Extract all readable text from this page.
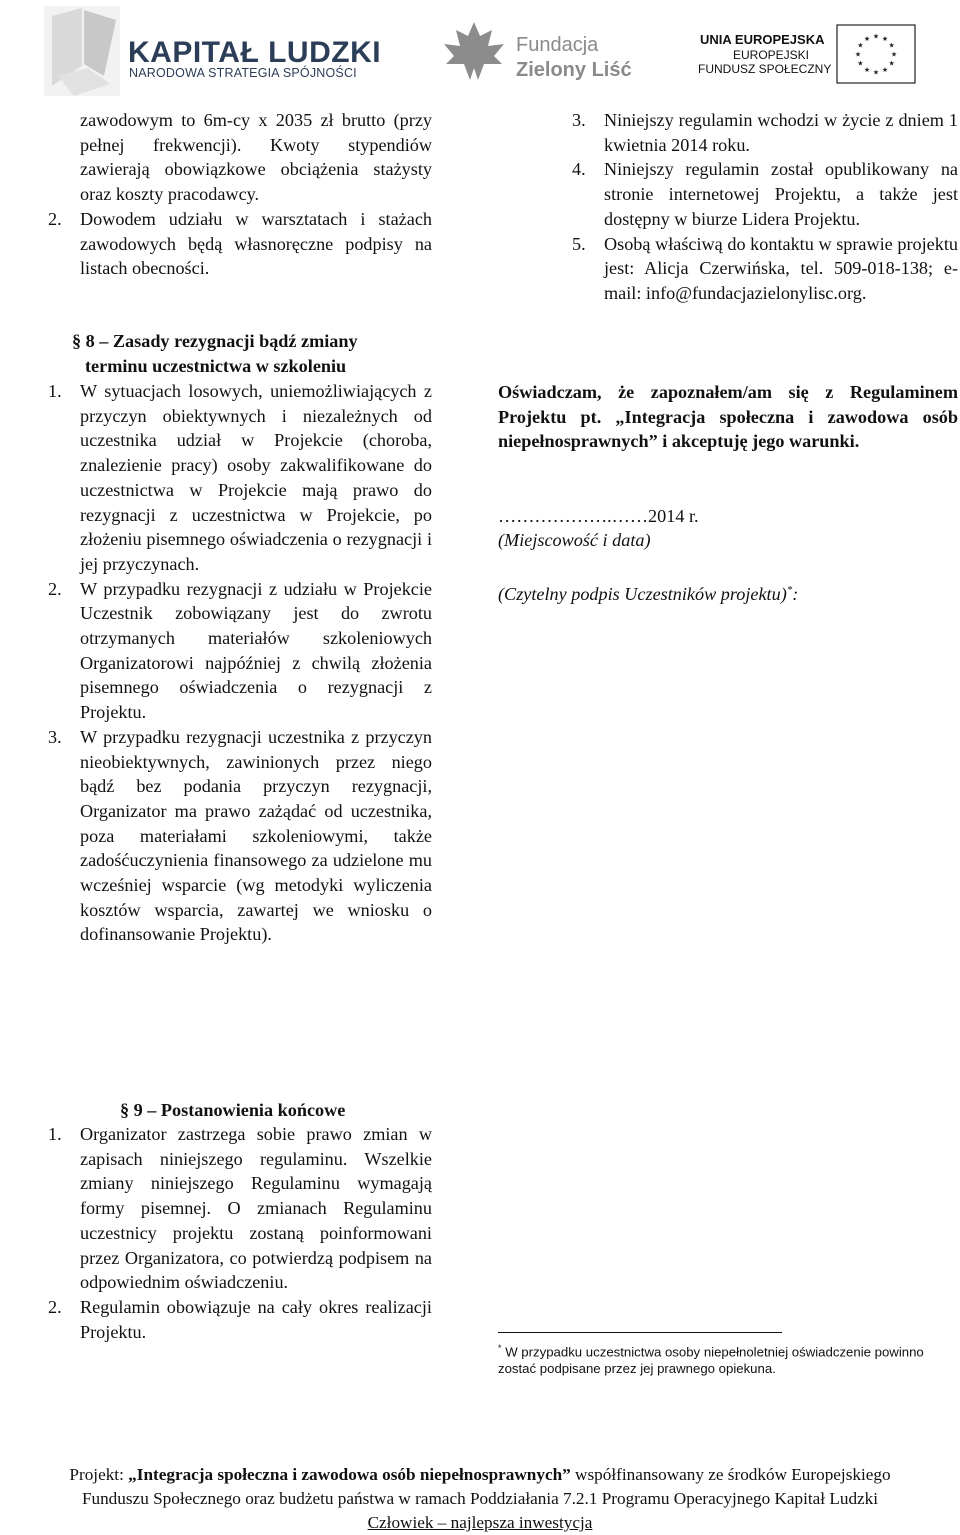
KAPITAŁ LUDZKI
NARODOWA STRATEGIA SPÓJNOŚCI
Fundacja
Zielony Liść
UNIA EUROPEJSKA
EUROPEJSKI
FUNDUSZ SPOŁECZNY
★ ★
★
★
★
★
★
★
★
★
★
★

zawodowym to 6m-cy x 2035 zł brutto (przy pełnej frekwencji). Kwoty stypendiów zawierają obowiązkowe obciążenia stażysty oraz koszty pracodawcy.

2. Dowodem udziału w warsztatach i stażach zawodowych będą własnoręczne podpisy na listach obecności.
§ 8 – Zasady rezygnacji bądź zmiany
terminu uczestnictwa w szkoleniu
1. W sytuacjach losowych, uniemożliwiających z przyczyn obiektywnych i niezależnych od uczestnika udział w Projekcie (choroba, znalezienie pracy) osoby zakwalifikowane do uczestnictwa w Projekcie mają prawo do rezygnacji z uczestnictwa w Projekcie, po złożeniu pisemnego oświadczenia o rezygnacji i jej przyczynach.
2. W przypadku rezygnacji z udziału w Projekcie Uczestnik zobowiązany jest do zwrotu otrzymanych materiałów szkoleniowych Organizatorowi najpóźniej z chwilą złożenia pisemnego oświadczenia o rezygnacji z Projektu.
3. W przypadku rezygnacji uczestnika z przyczyn nieobiektywnych, zawinionych przez niego bądź bez podania przyczyn rezygnacji, Organizator ma prawo zażądać od uczestnika, poza materiałami szkoleniowymi, także zadośćuczynienia finansowego za udzielone mu wcześniej wsparcie (wg metodyki wyliczenia kosztów wsparcia, zawartej we wniosku o dofinansowanie Projektu).
§ 9 – Postanowienia końcowe
1. Organizator zastrzega sobie prawo zmian w zapisach niniejszego regulaminu. Wszelkie zmiany niniejszego Regulaminu wymagają formy pisemnej. O zmianach Regulaminu uczestnicy projektu zostaną poinformowani przez Organizatora, co potwierdzą podpisem na odpowiednim oświadczeniu.
2. Regulamin obowiązuje na cały okres realizacji Projektu.
3. Niniejszy regulamin wchodzi w życie z dniem 1 kwietnia 2014 roku.
4. Niniejszy regulamin został opublikowany na stronie internetowej Projektu, a także jest dostępny w biurze Lidera Projektu.
5. Osobą właściwą do kontaktu w sprawie projektu jest: Alicja Czerwińska, tel. 509-018-138; e-mail: info@fundacjazielonylisc.org.
Oświadczam, że zapoznałem/am się z Regulaminem Projektu pt. „Integracja społeczna i zawodowa osób niepełnosprawnych” i akceptuję jego warunki.
……………….……2014 r.
(Miejscowość i data)
(Czytelny podpis Uczestników projektu)*:
* W przypadku uczestnictwa osoby niepełnoletniej oświadczenie powinno zostać podpisane przez jej prawnego opiekuna.
Projekt: „Integracja społeczna i zawodowa osób niepełnosprawnych” współfinansowany ze środków Europejskiego
Funduszu Społecznego oraz budżetu państwa w ramach Poddziałania 7.2.1 Programu Operacyjnego Kapitał Ludzki
Człowiek – najlepsza inwestycja
